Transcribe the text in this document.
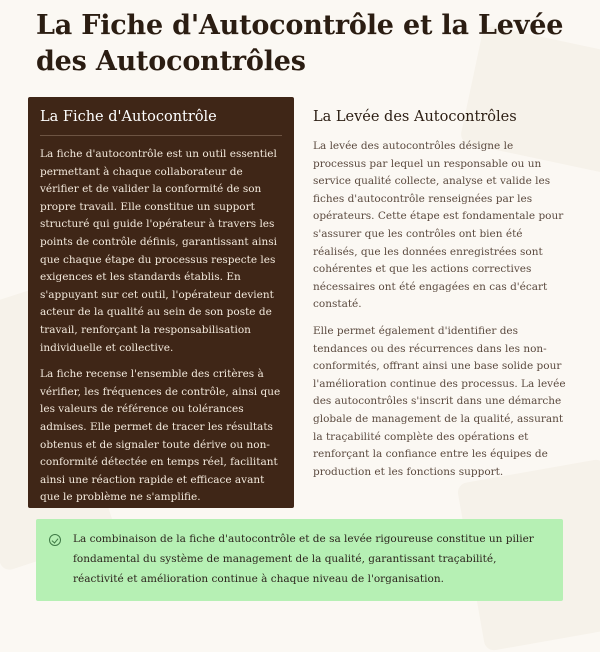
La Fiche d'Autocontrôle et la Levée des Autocontrôles
La Fiche d'Autocontrôle

La fiche d'autocontrôle est un outil essentiel permettant à chaque collaborateur de vérifier et de valider la conformité de son propre travail. Elle constitue un support structuré qui guide l'opérateur à travers les points de contrôle définis, garantissant ainsi que chaque étape du processus respecte les exigences et les standards établis. En s'appuyant sur cet outil, l'opérateur devient acteur de la qualité au sein de son poste de travail, renforçant la responsabilisation individuelle et collective.

La fiche recense l'ensemble des critères à vérifier, les fréquences de contrôle, ainsi que les valeurs de référence ou tolérances admises. Elle permet de tracer les résultats obtenus et de signaler toute dérive ou non-conformité détectée en temps réel, facilitant ainsi une réaction rapide et efficace avant que le problème ne s'amplifie.

La Levée des Autocontrôles

La levée des autocontrôles désigne le processus par lequel un responsable ou un service qualité collecte, analyse et valide les fiches d'autocontrôle renseignées par les opérateurs. Cette étape est fondamentale pour s'assurer que les contrôles ont bien été réalisés, que les données enregistrées sont cohérentes et que les actions correctives nécessaires ont été engagées en cas d'écart constaté.

Elle permet également d'identifier des tendances ou des récurrences dans les non-conformités, offrant ainsi une base solide pour l'amélioration continue des processus. La levée des autocontrôles s'inscrit dans une démarche globale de management de la qualité, assurant la traçabilité complète des opérations et renforçant la confiance entre les équipes de production et les fonctions support.

La combinaison de la fiche d'autocontrôle et de sa levée rigoureuse constitue un pilier fondamental du système de management de la qualité, garantissant traçabilité, réactivité et amélioration continue à chaque niveau de l'organisation.
